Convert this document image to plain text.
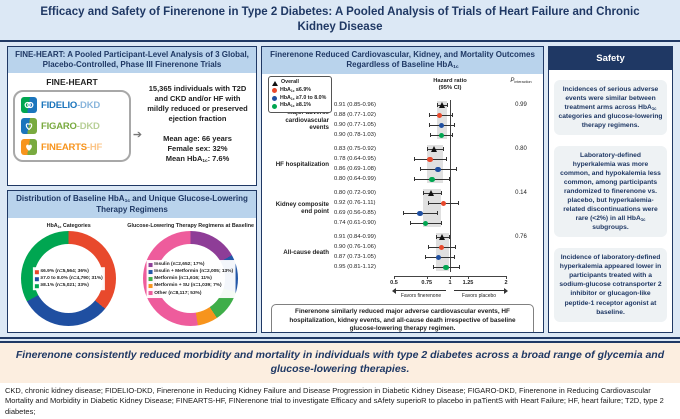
Efficacy and Safety of Finerenone in Type 2 Diabetes: A Pooled Analysis of Trials of Heart Failure and Chronic Kidney Disease
FINE-HEART: A Pooled Participant-Level Analysis of 3 Global, Placebo-Controlled, Phase III Finerenone Trials
FINE-HEART
FIDELIO-DKD
FIGARO-DKD
FINEARTS-HF
➔
15,365 individuals with T2D and CKD and/or HF with mildly reduced or preserved ejection fraction
Mean age: 66 years
Female sex: 32%
Mean HbA$_{1c}$: 7.6%
Distribution of Baseline HbA$_{1c}$ and Unique Glucose-Lowering Therapy Regimens
HbA$_{1c}$ Categories
≤6.9% (n=5,564; 36%)
≥7.0 to 8.0% (n=4,790; 31%)
≥8.1% (n=5,021; 33%)
Glucose-Lowering Therapy Regimens at Baseline
Insulin (n=2,652; 17%)
Insulin + Metformin (n=2,005; 13%)
Metformin (n=1,616; 11%)
Metformin + SU (n=1,039; 7%)
Other (n=8,117; 53%)
Finerenone Reduced Cardiovascular, Kidney, and Mortality Outcomes Regardless of Baseline HbA$_{1c}$
Overall
HbA$_{1c}$ ≤6.9%
HbA$_{1c}$ ≥7.0 to 8.0%
HbA$_{1c}$ ≥8.1%
Hazard ratio
(95% CI)
$P_{interaction}$

cardiovascular events
0.91 (0.85-0.96)	0.99
0.88 (0.77-1.02)
0.90 (0.77-1.05)
0.90 (0.78-1.03)
HF hospitalization
0.83 (0.75-0.92)	0.80
0.78 (0.64-0.95)
0.86 (0.69-1.08)
0.80 (0.64-0.99)
Kidney composite
end point
0.80 (0.72-0.90)	0.14
0.92 (0.76-1.11)
0.69 (0.56-0.85)
0.74 (0.61-0.90)
All-cause death
0.91 (0.84-0.99)	0.76
0.90 (0.76-1.06)
0.87 (0.73-1.05)
0.95 (0.81-1.12)
0.5	0.75	1 1.25	2
Favors finerenone	Favors placebo
Finerenone similarly reduced major adverse cardiovascular events, HF hospitalization, kidney events, and all-cause death irrespective of baseline glucose-lowering therapy regimen.
Safety
Incidences of serious adverse events were similar between treatment arms across HbA$_{1c}$ categories and glucose-lowering therapy regimens.
Laboratory-defined hyperkalemia was more common, and hypokalemia less common, among participants randomized to finerenone vs. placebo, but hyperkalemia-related discontinuations were rare (<2%) in all HbA$_{1c}$ subgroups.
Incidence of laboratory-defined hyperkalemia appeared lower in participants treated with a sodium-glucose cotransporter 2 inhibitor or glucagon-like peptide-1 receptor agonist at baseline.
Finerenone consistently reduced morbidity and mortality in individuals with type 2 diabetes across a broad range of glycemia and glucose-lowering therapies.
CKD, chronic kidney disease; FIDELIO-DKD, Finerenone in Reducing Kidney Failure and Disease Progression in Diabetic Kidney Disease; FIGARO-DKD, Finerenone in Reducing Cardiovascular Mortality and Morbidity in Diabetic Kidney Disease; FINEARTS-HF, FINerenone trial to investigate Efficacy and sAfety superioR to placebo in paTientS with Heart Failure; HF, heart failure; T2D, type 2 diabetes;
